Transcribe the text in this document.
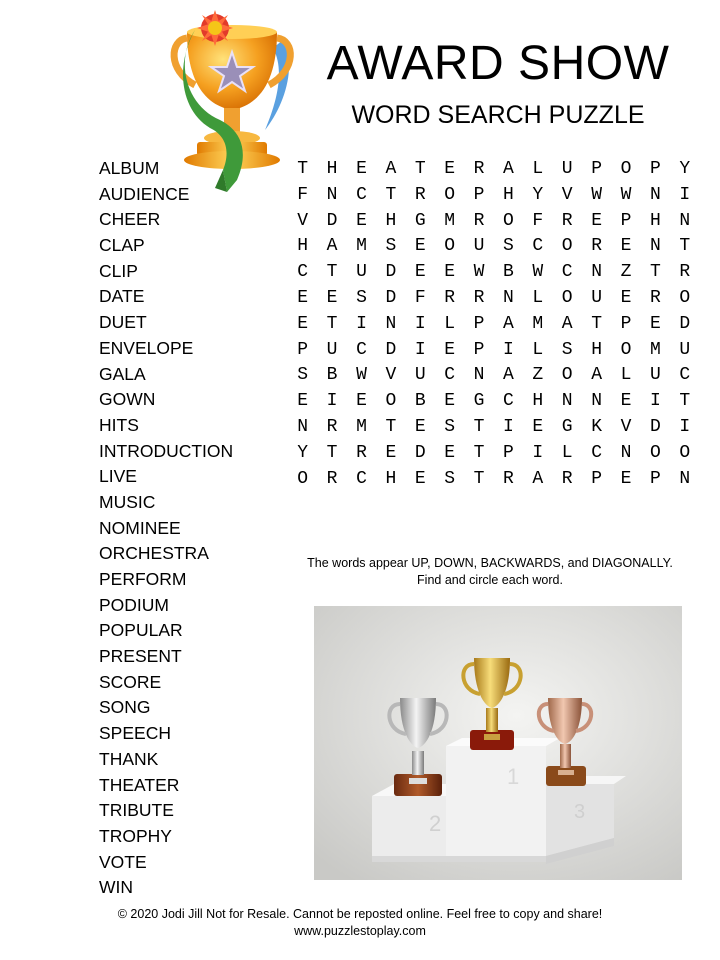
AWARD SHOW
WORD SEARCH PUZZLE
ALBUM
AUDIENCE
CHEER
CLAP
CLIP
DATE
DUET
ENVELOPE
GALA
GOWN
HITS
INTRODUCTION
LIVE
MUSIC
NOMINEE
ORCHESTRA
PERFORM
PODIUM
POPULAR
PRESENT
SCORE
SONG
SPEECH
THANK
THEATER
TRIBUTE
TROPHY
VOTE
WIN
T H E A T E R A L U P O P Y
F N C T R O P H Y V W W N I
V D E H G M R O F R E P H N
H A M S E O U S C O R E N T
C T U D E E W B W C N Z T R
E E S D F R R N L O U E R O
E T I N I L P A M A T P E D
P U C D I E P I L S H O M U
S B W V U C N A Z O A L U C
E I E O B E G C H N N E I T
N R M T E S T I E G K V D I
Y T R E D E T P I L C N O O
O R C H E S T R A R P E P N
The words appear UP, DOWN, BACKWARDS, and DIAGONALLY.
Find and circle each word.
2
1
3
© 2020 Jodi Jill Not for Resale. Cannot be reposted online. Feel free to copy and share!
www.puzzlestoplay.com
